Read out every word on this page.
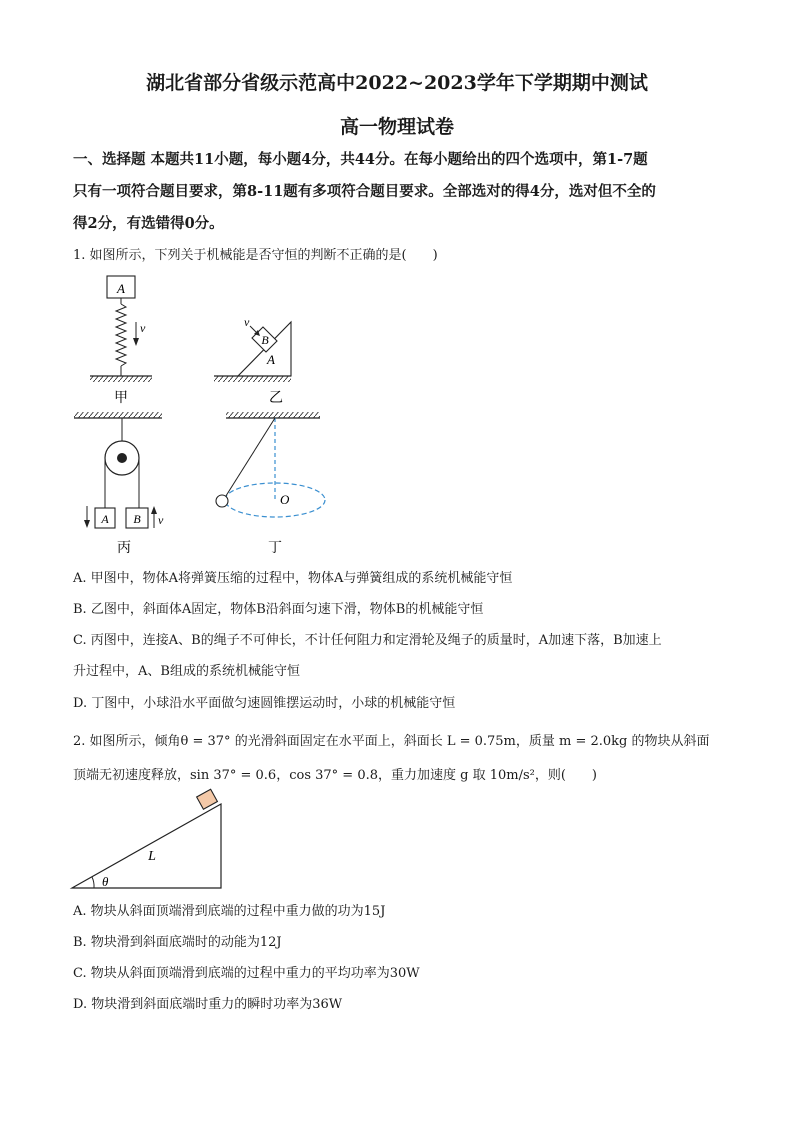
湖北省部分省级示范高中2022~2023学年下学期期中测试
高一物理试卷
一、选择题 本题共11小题，每小题4分，共44分。在每小题给出的四个选项中，第1-7题
只有一项符合题目要求，第8-11题有多项符合题目要求。全部选对的得4分，选对但不全的
得2分，有选错得0分。
1. 如图所示，下列关于机械能是否守恒的判断不正确的是(　　)
A
v
甲
A
B
v
乙
A B v
丙
O
丁
A. 甲图中，物体A将弹簧压缩的过程中，物体A与弹簧组成的系统机械能守恒
B. 乙图中，斜面体A固定，物体B沿斜面匀速下滑，物体B的机械能守恒
C. 丙图中，连接A、B的绳子不可伸长，不计任何阻力和定滑轮及绳子的质量时，A加速下落，B加速上
升过程中，A、B组成的系统机械能守恒
D. 丁图中，小球沿水平面做匀速圆锥摆运动时，小球的机械能守恒
2. 如图所示，倾角θ = 37° 的光滑斜面固定在水平面上，斜面长 L = 0.75m，质量 m = 2.0kg 的物块从斜面
顶端无初速度释放，sin 37° = 0.6，cos 37° = 0.8，重力加速度 g 取 10m/s²，则(　　)
L
θ
A. 物块从斜面顶端滑到底端的过程中重力做的功为15J
B. 物块滑到斜面底端时的动能为12J
C. 物块从斜面顶端滑到底端的过程中重力的平均功率为30W
D. 物块滑到斜面底端时重力的瞬时功率为36W
